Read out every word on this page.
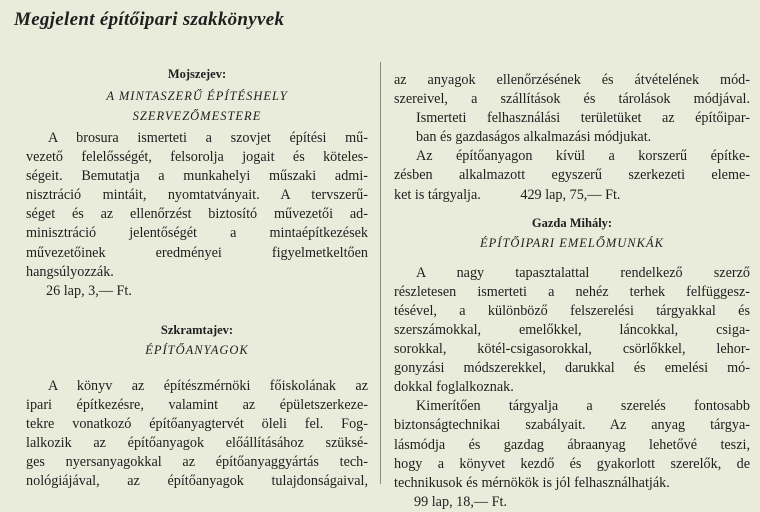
Megjelent építőipari szakkönyvek
Mojszejev:
A MINTASZERŰ ÉPÍTÉSHELY
SZERVEZŐMESTERE
A brosura ismerteti a szovjet építési mű-
vezető felelősségét, felsorolja jogait és köteles-
ségeit. Bemutatja a munkahelyi műszaki admi-
nisztráció mintáit, nyomtatványait. A tervszerű-
séget és az ellenőrzést biztosító művezetői ad-
minisztráció jelentőségét a mintaépítkezések
művezetőinek eredményei figyelmetkeltően
hangsúlyozzák.
26 lap, 3,— Ft.
Szkramtajev:
ÉPÍTŐANYAGOK
A könyv az építészmérnöki főiskolának az
ipari építkezésre, valamint az épületszerkeze-
tekre vonatkozó építőanyagtervét öleli fel. Fog-
lalkozik az építőanyagok előállításához szüksé-
ges nyersanyagokkal az építőanyaggyártás tech-
nológiájával, az építőanyagok tulajdonságaival,
az anyagok ellenőrzésének és átvételének mód-
szereivel, a szállítások és tárolások módjával.
Ismerteti felhasználási területüket az építőipar-
ban és gazdaságos alkalmazási módjukat.
Az építőanyagon kívül a korszerű építke-
zésben alkalmazott egyszerű szerkezeti eleme-
ket is tárgyalja.	429 lap, 75,— Ft.
Gazda Mihály:
ÉPÍTŐIPARI EMELŐMUNKÁK
A nagy tapasztalattal rendelkező szerző
részletesen ismerteti a nehéz terhek felfüggesz-
tésével, a különböző felszerelési tárgyakkal és
szerszámokkal, emelőkkel, láncokkal, csiga-
sorokkal, kötél-csigasorokkal, csörlőkkel, lehor-
gonyzási módszerekkel, darukkal és emelési mó-
dokkal foglalkoznak.
Kimerítően tárgyalja a szerelés fontosabb
biztonságtechnikai szabályait. Az anyag tárgya-
lásmódja és gazdag ábraanyag lehetővé teszi,
hogy a könyvet kezdő és gyakorlott szerelők, de
technikusok és mérnökök is jól felhasználhatják.
99 lap, 18,— Ft.
